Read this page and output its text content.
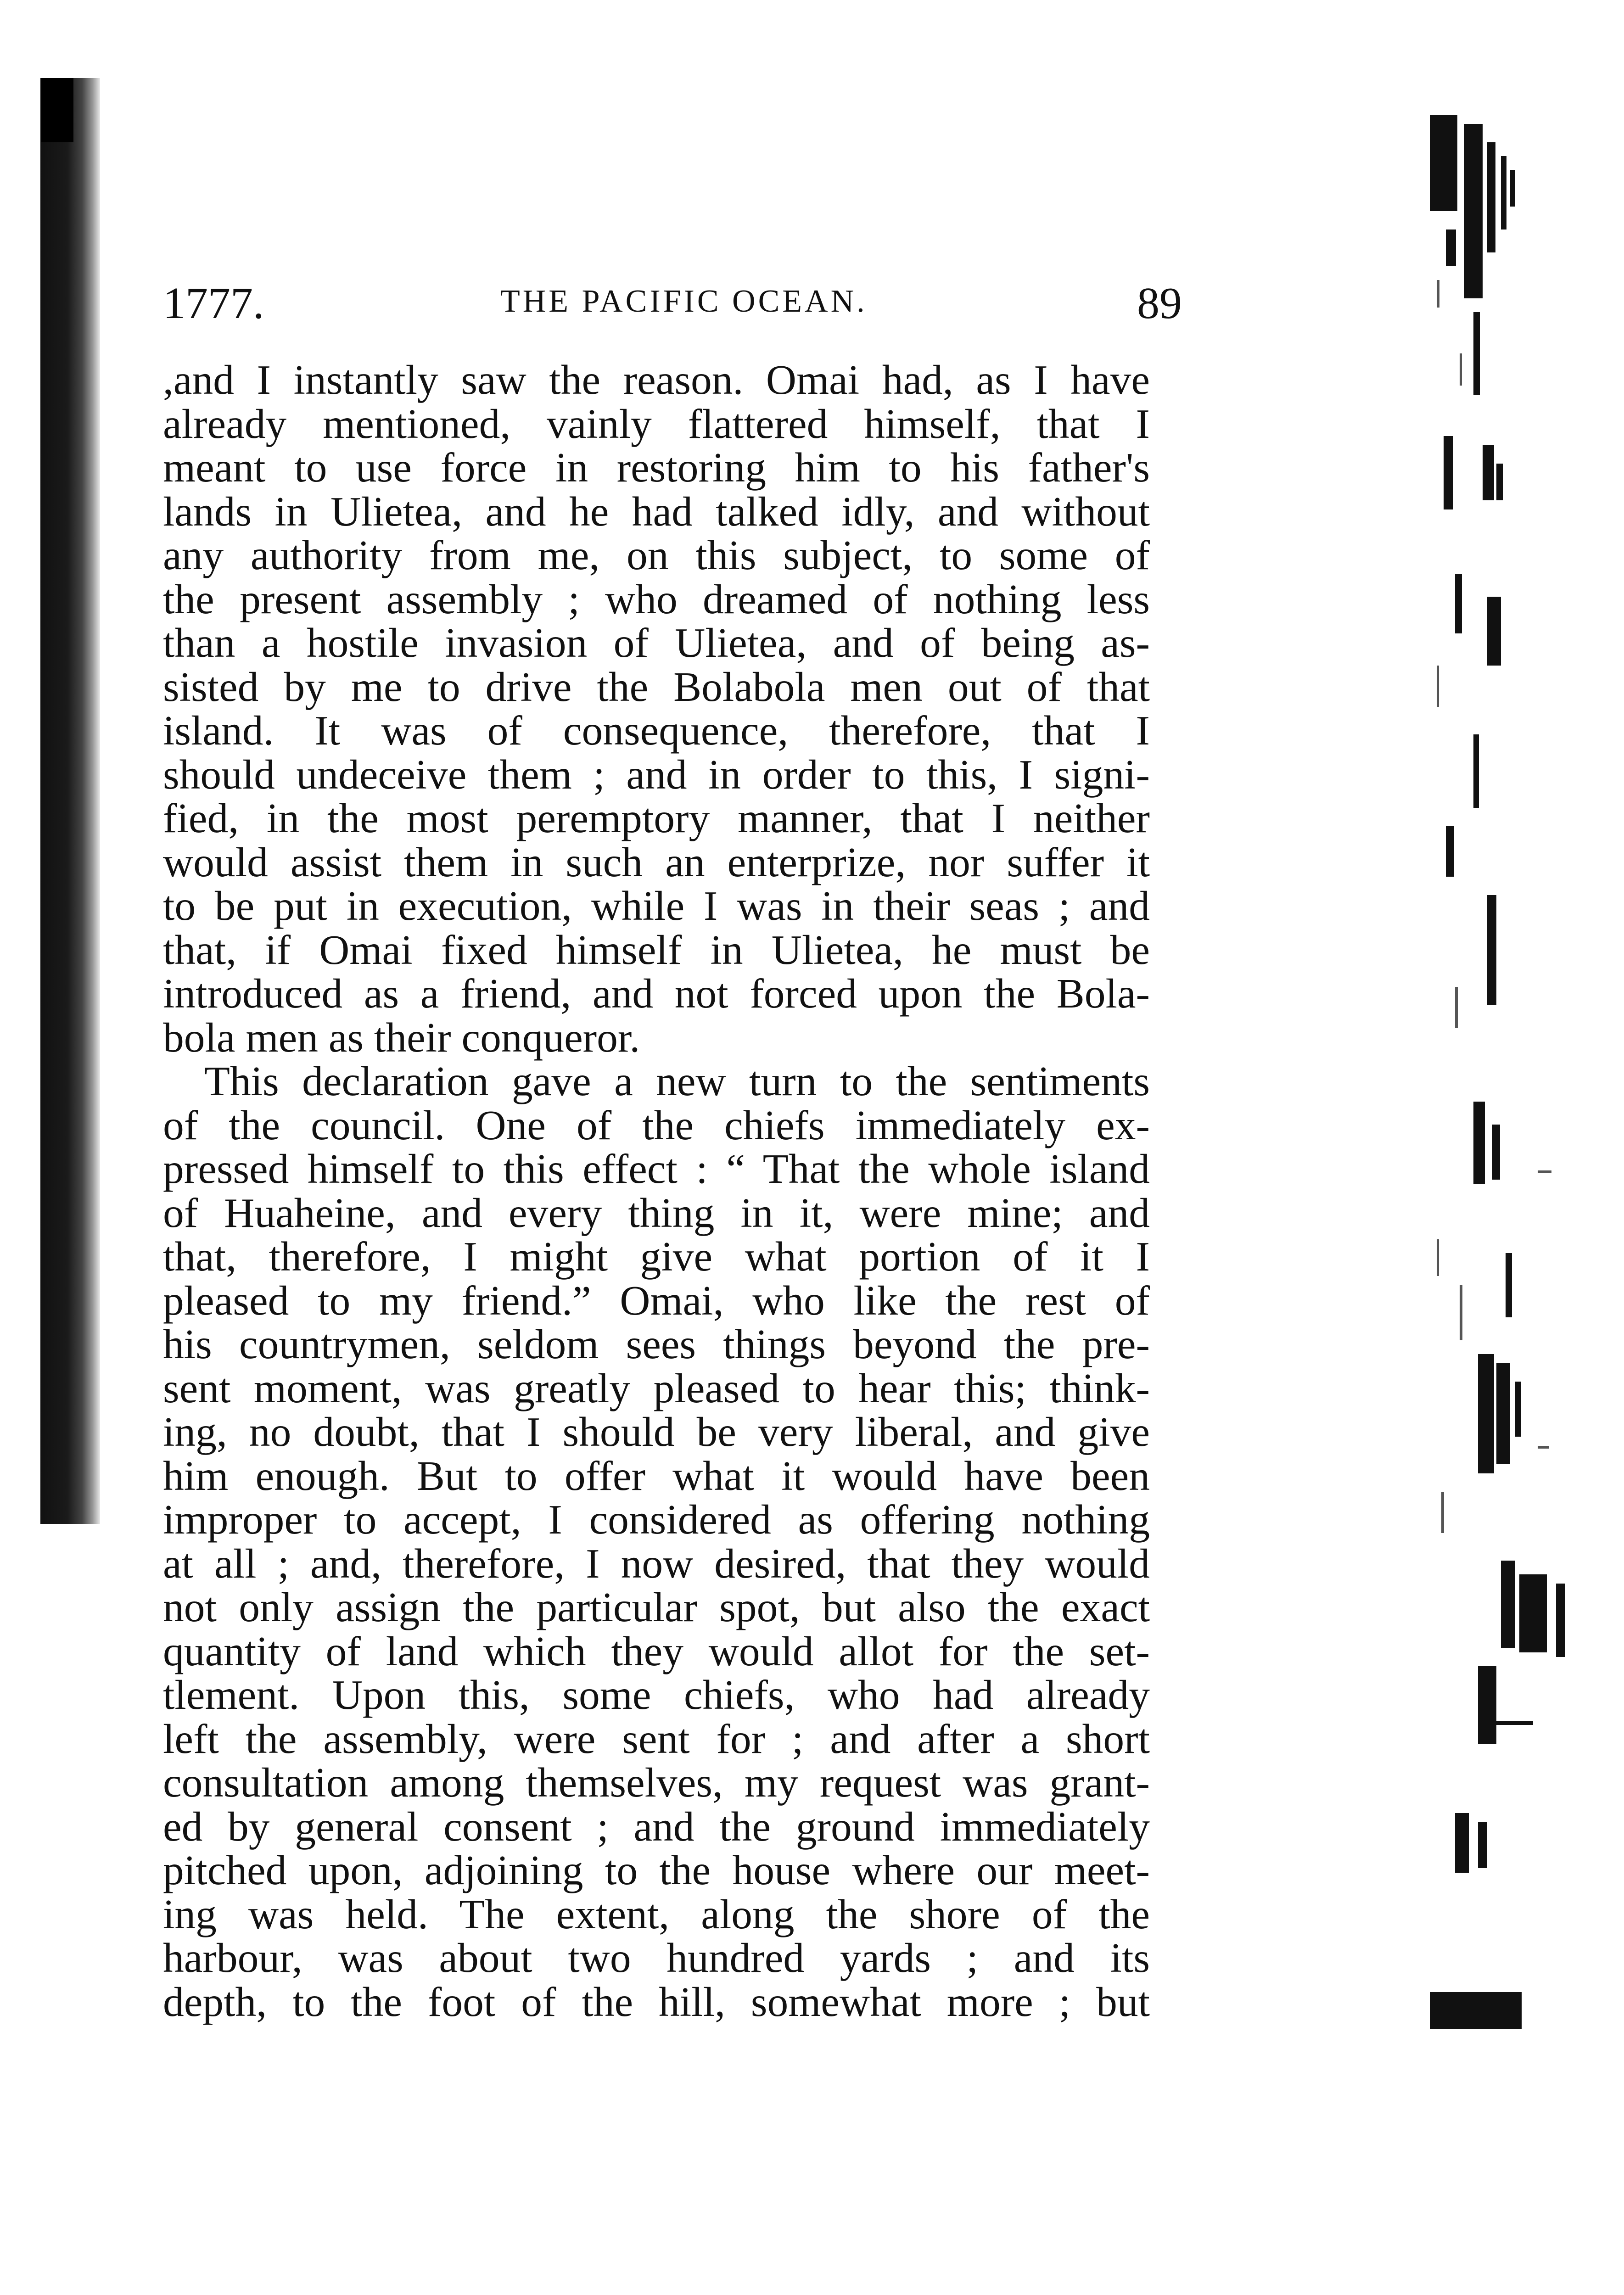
1777.	THE PACIFIC OCEAN.	89
,and I instantly saw the reason. Omai had, as I have
already mentioned, vainly flattered himself, that I
meant to use force in restoring him to his father's
lands in Ulietea, and he had talked idly, and without
any authority from me, on this subject, to some of
the present assembly ; who dreamed of nothing less
than a hostile invasion of Ulietea, and of being as-
sisted by me to drive the Bolabola men out of that
island. It was of consequence, therefore, that I
should undeceive them ; and in order to this, I signi-
fied, in the most peremptory manner, that I neither
would assist them in such an enterprize, nor suffer it
to be put in execution, while I was in their seas ; and
that, if Omai fixed himself in Ulietea, he must be
introduced as a friend, and not forced upon the Bola-
bola men as their conqueror.
This declaration gave a new turn to the sentiments
of the council. One of the chiefs immediately ex-
pressed himself to this effect : “ That the whole island
of Huaheine, and every thing in it, were mine; and
that, therefore, I might give what portion of it I
pleased to my friend.” Omai, who like the rest of
his countrymen, seldom sees things beyond the pre-
sent moment, was greatly pleased to hear this; think-
ing, no doubt, that I should be very liberal, and give
him enough. But to offer what it would have been
improper to accept, I considered as offering nothing
at all ; and, therefore, I now desired, that they would
not only assign the particular spot, but also the exact
quantity of land which they would allot for the set-
tlement. Upon this, some chiefs, who had already
left the assembly, were sent for ; and after a short
consultation among themselves, my request was grant-
ed by general consent ; and the ground immediately
pitched upon, adjoining to the house where our meet-
ing was held. The extent, along the shore of the
harbour, was about two hundred yards ; and its
depth, to the foot of the hill, somewhat more ; but
